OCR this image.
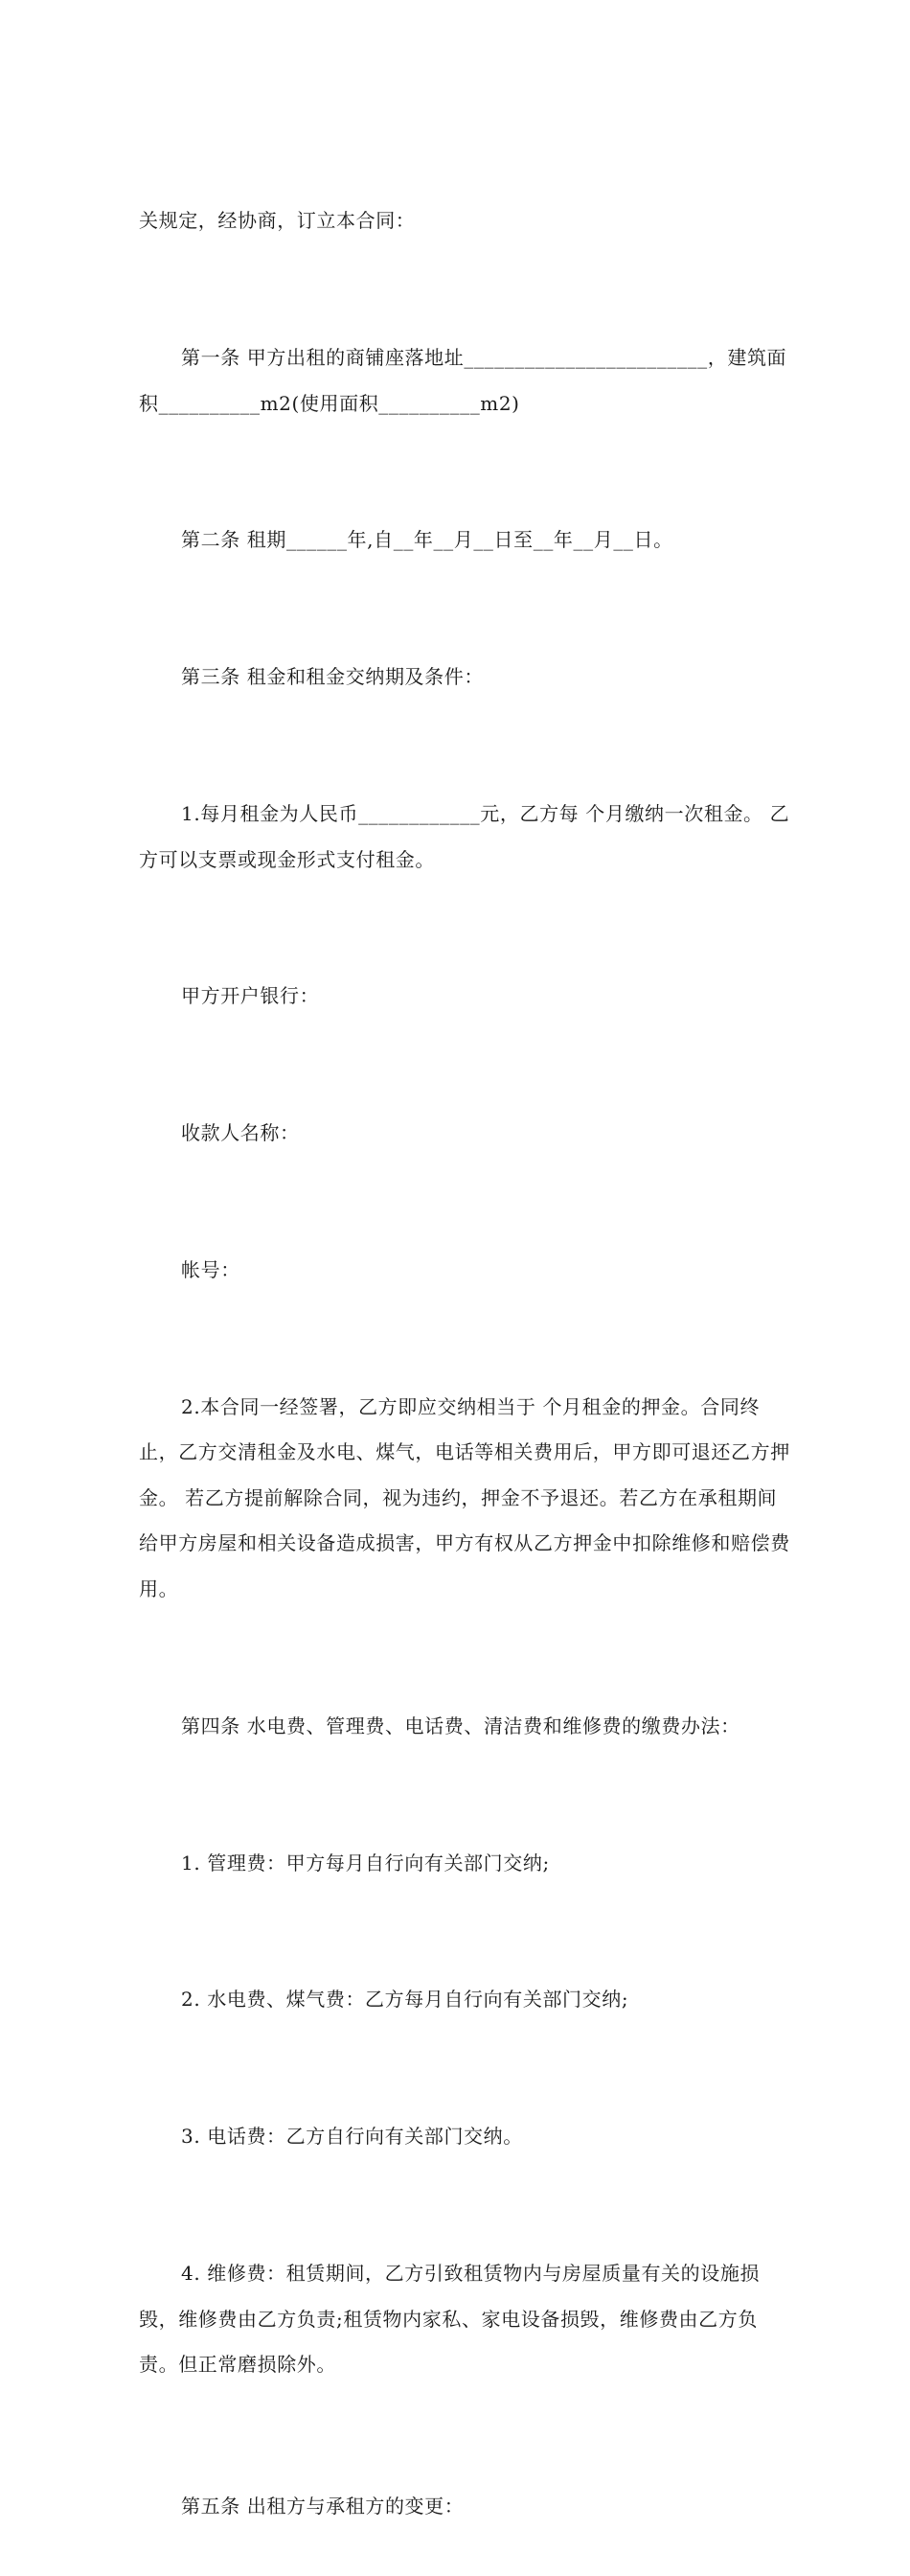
关规定，经协商，订立本合同：

第一条 甲方出租的商铺座落地址________________________，建筑面积__________m2(使用面积__________m2)

第二条 租期______年,自__年__月__日至__年__月__日。

第三条 租金和租金交纳期及条件：

1.每月租金为人民币____________元，乙方每 个月缴纳一次租金。 乙方可以支票或现金形式支付租金。

甲方开户银行：

收款人名称：

帐号：

2.本合同一经签署，乙方即应交纳相当于 个月租金的押金。合同终止，乙方交清租金及水电、煤气，电话等相关费用后，甲方即可退还乙方押金。 若乙方提前解除合同，视为违约，押金不予退还。若乙方在承租期间给甲方房屋和相关设备造成损害，甲方有权从乙方押金中扣除维修和赔偿费用。

第四条 水电费、管理费、电话费、清洁费和维修费的缴费办法：

1. 管理费：甲方每月自行向有关部门交纳;

2. 水电费、煤气费：乙方每月自行向有关部门交纳;

3. 电话费：乙方自行向有关部门交纳。

4. 维修费：租赁期间，乙方引致租赁物内与房屋质量有关的设施损毁，维修费由乙方负责;租赁物内家私、家电设备损毁，维修费由乙方负责。但正常磨损除外。

第五条 出租方与承租方的变更：
